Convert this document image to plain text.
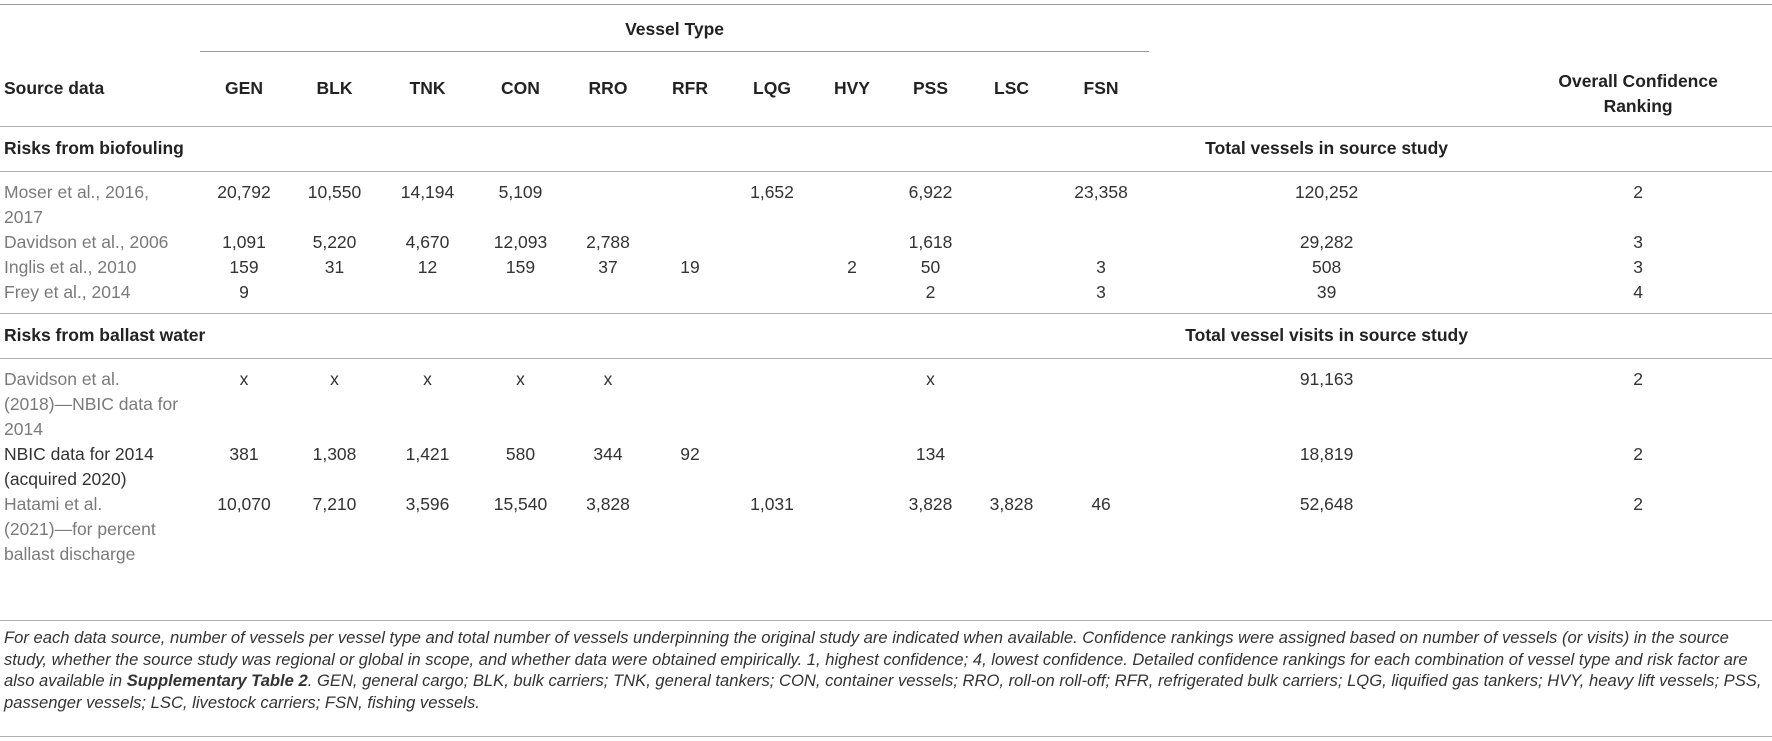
	Vessel Type												
Source data	GEN	BLK	TNK	CON	RRO	RFR	LQG	HVY	PSS	LSC	FSN		Overall Confidence
Ranking
Risks from biofouling												Total vessels in source study	
Moser et al., 2016,
2017	20,792	10,550	14,194	5,109			1,652		6,922		23,358	120,252	2
Davidson et al., 2006	1,091	5,220	4,670	12,093	2,788				1,618			29,282	3
Inglis et al., 2010	159	31	12	159	37	19		2	50		3	508	3
Frey et al., 2014	9								2		3	39	4
Risks from ballast water												Total vessel visits in source study	
Davidson et al.
(2018)—NBIC data for
2014	x	x	x	x	x				x			91,163	2
NBIC data for 2014
(acquired 2020)	381	1,308	1,421	580	344	92			134			18,819	2
Hatami et al.
(2021)—for percent
ballast discharge	10,070	7,210	3,596	15,540	3,828		1,031		3,828	3,828	46	52,648	2
For each data source, number of vessels per vessel type and total number of vessels underpinning the original study are indicated when available. Confidence rankings were assigned based on number of vessels (or visits) in the source study, whether the source study was regional or global in scope, and whether data were obtained empirically. 1, highest confidence; 4, lowest confidence. Detailed confidence rankings for each combination of vessel type and risk factor are also available in Supplementary Table 2. GEN, general cargo; BLK, bulk carriers; TNK, general tankers; CON, container vessels; RRO, roll-on roll-off; RFR, refrigerated bulk carriers; LQG, liquified gas tankers; HVY, heavy lift vessels; PSS, passenger vessels; LSC, livestock carriers; FSN, fishing vessels.
